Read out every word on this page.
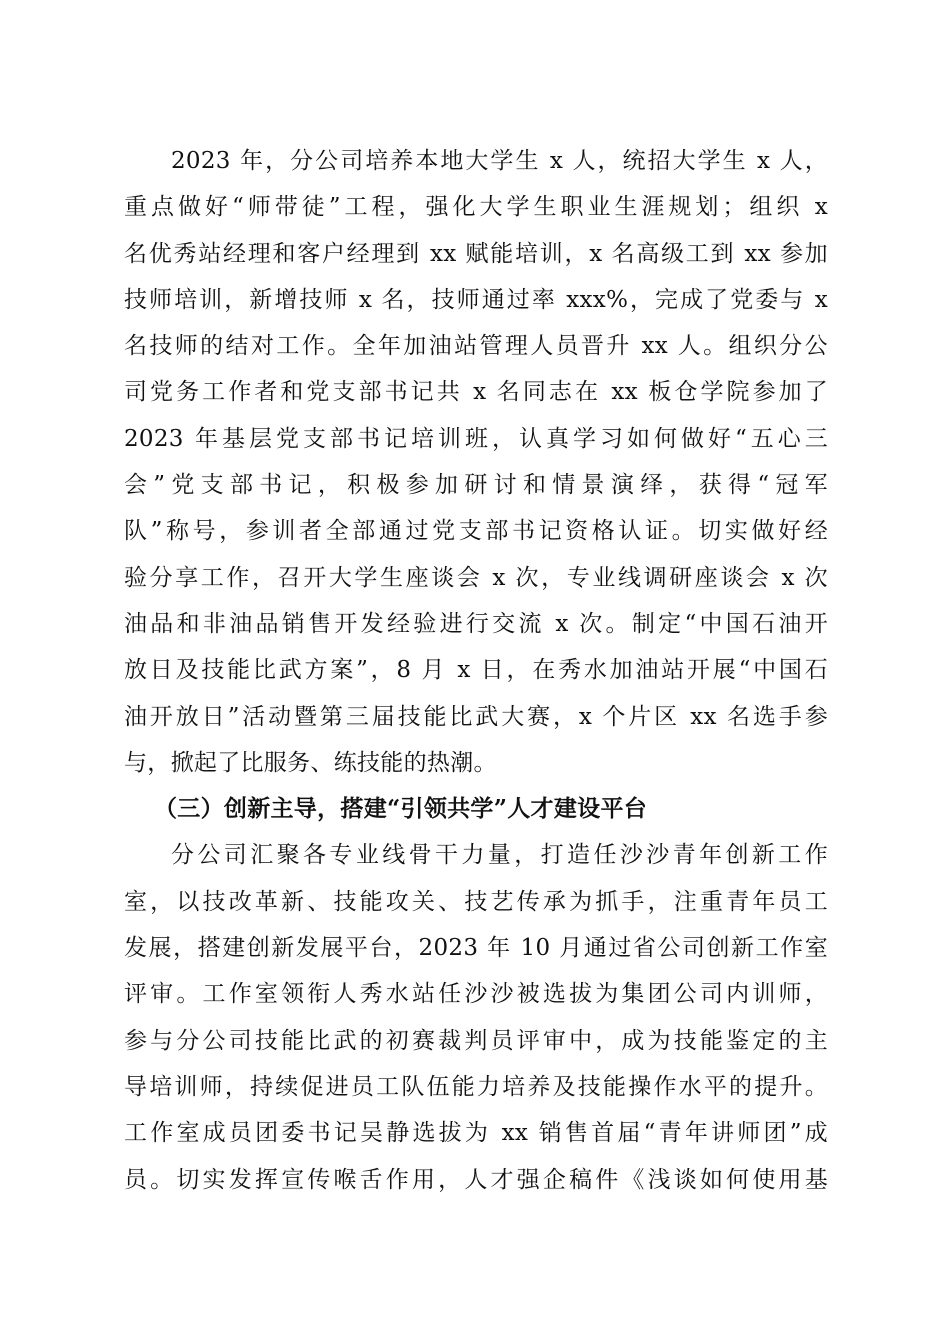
2023 年，分公司培养本地大学生 x 人，统招大学生 x 人，
重点做好“师带徒”工程，强化大学生职业生涯规划；组织 x
名优秀站经理和客户经理到 xx 赋能培训，x 名高级工到 xx 参加
技师培训，新增技师 x 名，技师通过率 xxx%，完成了党委与 x
名技师的结对工作。全年加油站管理人员晋升 xx 人。组织分公
司党务工作者和党支部书记共 x 名同志在 xx 板仓学院参加了
2023 年基层党支部书记培训班，认真学习如何做好“五心三
会”党支部书记，积极参加研讨和情景演绎，获得“冠军
队”称号，参训者全部通过党支部书记资格认证。切实做好经
验分享工作，召开大学生座谈会 x 次，专业线调研座谈会 x 次
油品和非油品销售开发经验进行交流 x 次。制定“中国石油开
放日及技能比武方案”，8 月 x 日，在秀水加油站开展“中国石
油开放日”活动暨第三届技能比武大赛，x 个片区 xx 名选手参
与，掀起了比服务、练技能的热潮。
（三）创新主导，搭建“引领共学”人才建设平台
分公司汇聚各专业线骨干力量，打造任沙沙青年创新工作
室，以技改革新、技能攻关、技艺传承为抓手，注重青年员工
发展，搭建创新发展平台，2023 年 10 月通过省公司创新工作室
评审。工作室领衔人秀水站任沙沙被选拔为集团公司内训师，
参与分公司技能比武的初赛裁判员评审中，成为技能鉴定的主
导培训师，持续促进员工队伍能力培养及技能操作水平的提升。
工作室成员团委书记吴静选拔为 xx 销售首届“青年讲师团”成
员。切实发挥宣传喉舌作用，人才强企稿件《浅谈如何使用基
